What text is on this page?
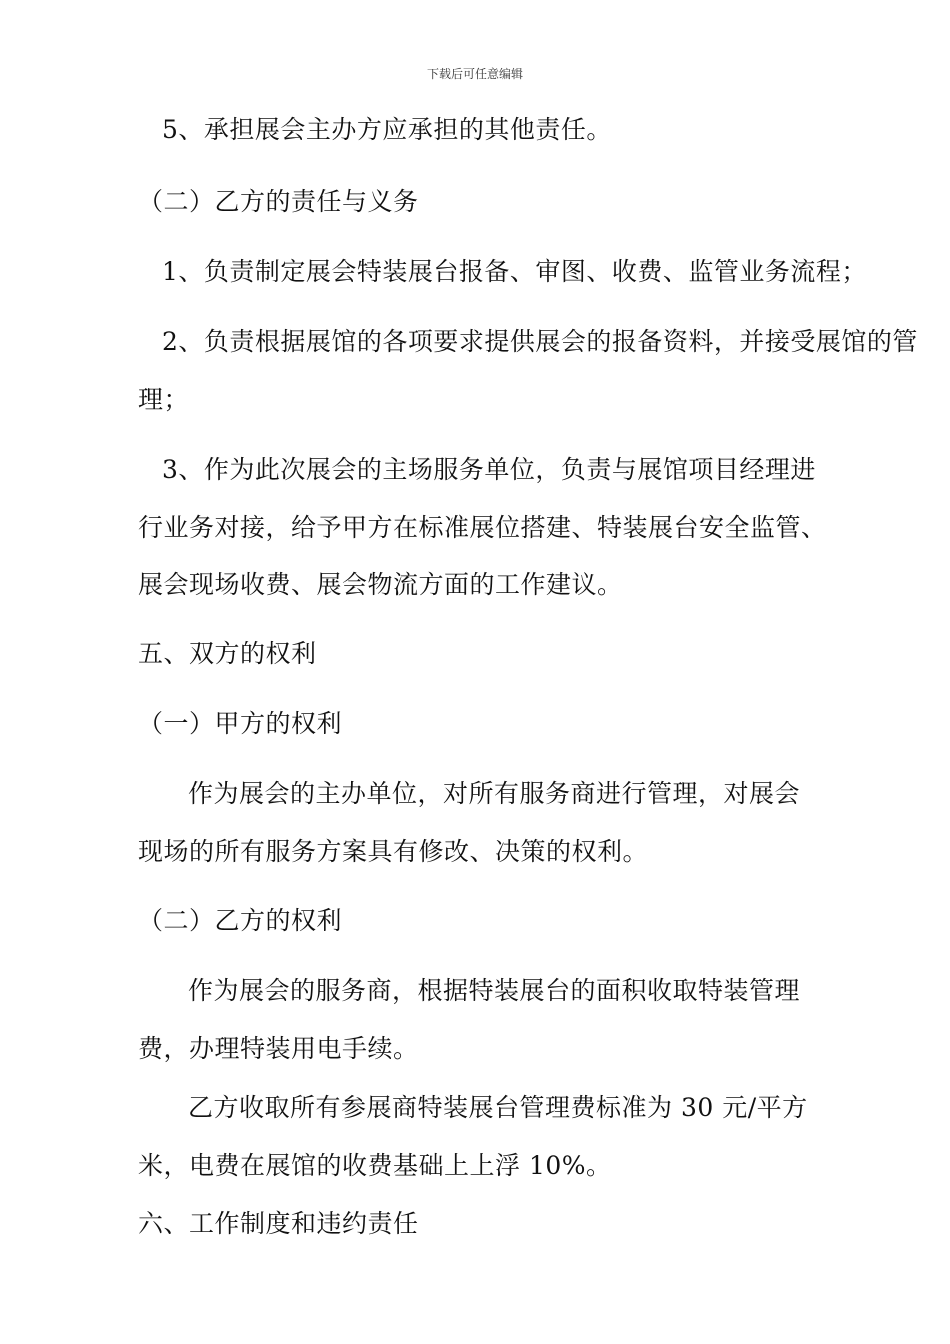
下载后可任意编辑
5、承担展会主办方应承担的其他责任。
（二）乙方的责任与义务
1、负责制定展会特装展台报备、审图、收费、监管业务流程；
2、负责根据展馆的各项要求提供展会的报备资料，并接受展馆的管
理；
3、作为此次展会的主场服务单位，负责与展馆项目经理进
行业务对接，给予甲方在标准展位搭建、特装展台安全监管、
展会现场收费、展会物流方面的工作建议。
五、双方的权利
（一）甲方的权利
作为展会的主办单位，对所有服务商进行管理，对展会
现场的所有服务方案具有修改、决策的权利。
（二）乙方的权利
作为展会的服务商，根据特装展台的面积收取特装管理
费，办理特装用电手续。
乙方收取所有参展商特装展台管理费标准为 30 元/平方
米，电费在展馆的收费基础上上浮 10%。
六、工作制度和违约责任
